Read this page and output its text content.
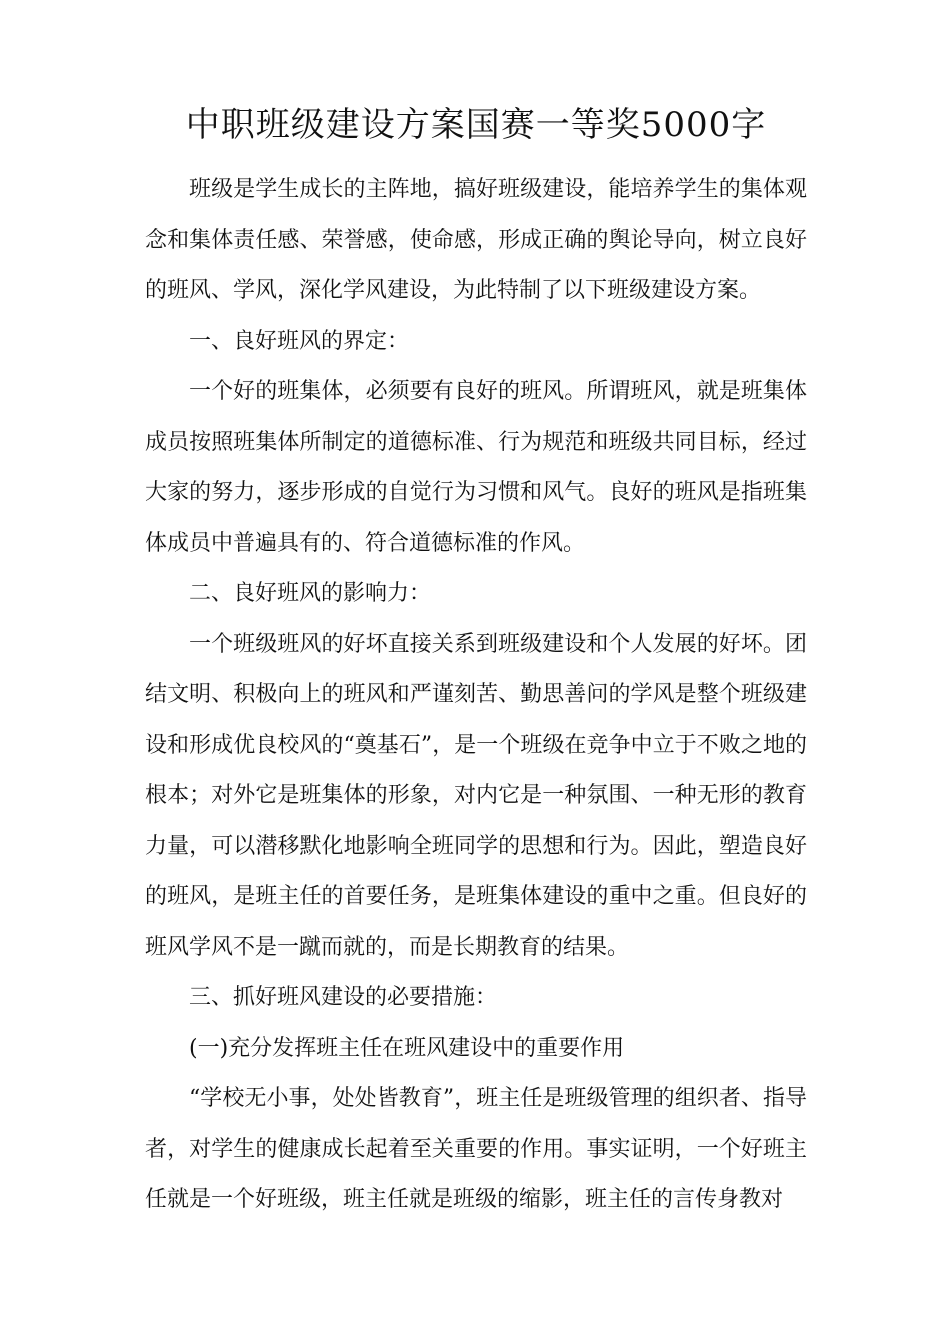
中职班级建设方案国赛一等奖5000字

班级是学生成长的主阵地，搞好班级建设，能培养学生的集体观念和集体责任感、荣誉感，使命感，形成正确的舆论导向，树立良好的班风、学风，深化学风建设，为此特制了以下班级建设方案。

一、良好班风的界定：

一个好的班集体，必须要有良好的班风。所谓班风，就是班集体成员按照班集体所制定的道德标准、行为规范和班级共同目标，经过大家的努力，逐步形成的自觉行为习惯和风气。良好的班风是指班集体成员中普遍具有的、符合道德标准的作风。

二、良好班风的影响力：

一个班级班风的好坏直接关系到班级建设和个人发展的好坏。团结文明、积极向上的班风和严谨刻苦、勤思善问的学风是整个班级建设和形成优良校风的“奠基石”，是一个班级在竞争中立于不败之地的根本；对外它是班集体的形象，对内它是一种氛围、一种无形的教育力量，可以潜移默化地影响全班同学的思想和行为。因此，塑造良好的班风，是班主任的首要任务，是班集体建设的重中之重。但良好的班风学风不是一蹴而就的，而是长期教育的结果。

三、抓好班风建设的必要措施：

(一)充分发挥班主任在班风建设中的重要作用

“学校无小事，处处皆教育”，班主任是班级管理的组织者、指导者，对学生的健康成长起着至关重要的作用。事实证明，一个好班主任就是一个好班级，班主任就是班级的缩影，班主任的言传身教对
